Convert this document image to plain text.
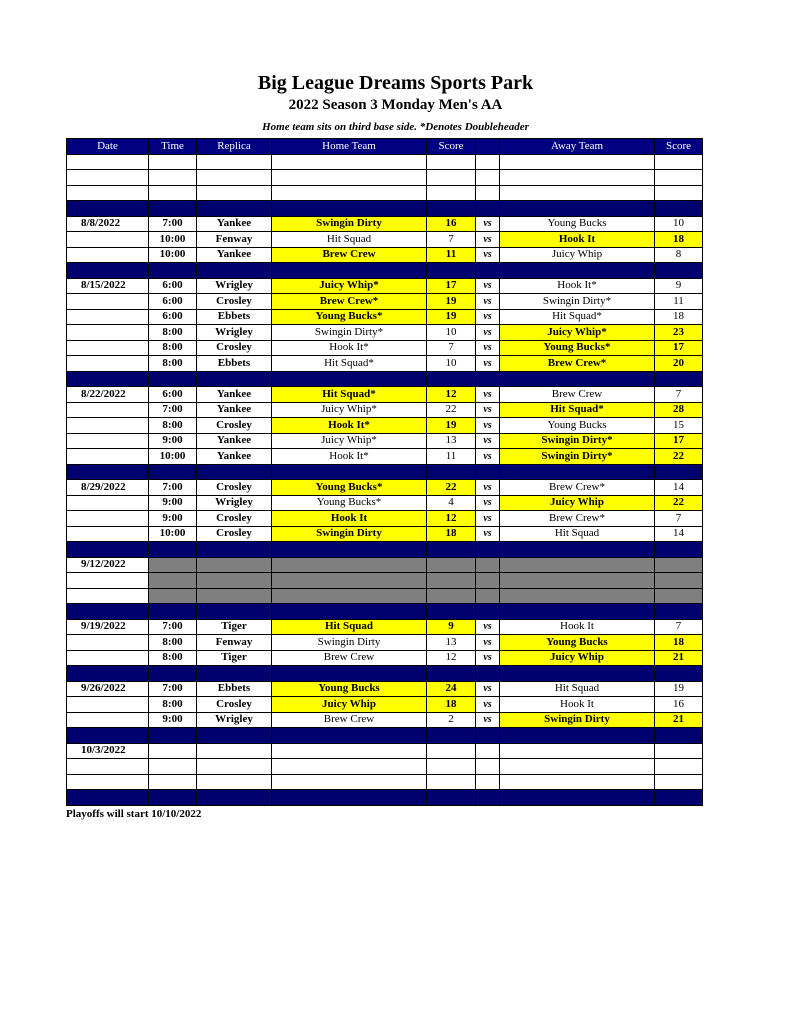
Big League Dreams Sports Park
2022 Season 3 Monday Men's AA
Home team sits on third base side. *Denotes Doubleheader
Date	Time	Replica	Home Team	Score		Away Team	Score

8/8/2022	7:00	Yankee	Swingin Dirty	16	vs	Young Bucks	10
	10:00	Fenway	Hit Squad	7	vs	Hook It	18
	10:00	Yankee	Brew Crew	11	vs	Juicy Whip	8

8/15/2022	6:00	Wrigley	Juicy Whip*	17	vs	Hook It*	9
	6:00	Crosley	Brew Crew*	19	vs	Swingin Dirty*	11
	6:00	Ebbets	Young Bucks*	19	vs	Hit Squad*	18
	8:00	Wrigley	Swingin Dirty*	10	vs	Juicy Whip*	23
	8:00	Crosley	Hook It*	7	vs	Young Bucks*	17
	8:00	Ebbets	Hit Squad*	10	vs	Brew Crew*	20

8/22/2022	6:00	Yankee	Hit Squad*	12	vs	Brew Crew	7
	7:00	Yankee	Juicy Whip*	22	vs	Hit Squad*	28
	8:00	Crosley	Hook It*	19	vs	Young Bucks	15
	9:00	Yankee	Juicy Whip*	13	vs	Swingin Dirty*	17
	10:00	Yankee	Hook It*	11	vs	Swingin Dirty*	22

8/29/2022	7:00	Crosley	Young Bucks*	22	vs	Brew Crew*	14
	9:00	Wrigley	Young Bucks*	4	vs	Juicy Whip	22
	9:00	Crosley	Hook It	12	vs	Brew Crew*	7
	10:00	Crosley	Swingin Dirty	18	vs	Hit Squad	14

9/12/2022							

9/19/2022	7:00	Tiger	Hit Squad	9	vs	Hook It	7
	8:00	Fenway	Swingin Dirty	13	vs	Young Bucks	18
	8:00	Tiger	Brew Crew	12	vs	Juicy Whip	21

9/26/2022	7:00	Ebbets	Young Bucks	24	vs	Hit Squad	19
	8:00	Crosley	Juicy Whip	18	vs	Hook It	16
	9:00	Wrigley	Brew Crew	2	vs	Swingin Dirty	21

10/3/2022							

Playoffs will start 10/10/2022
